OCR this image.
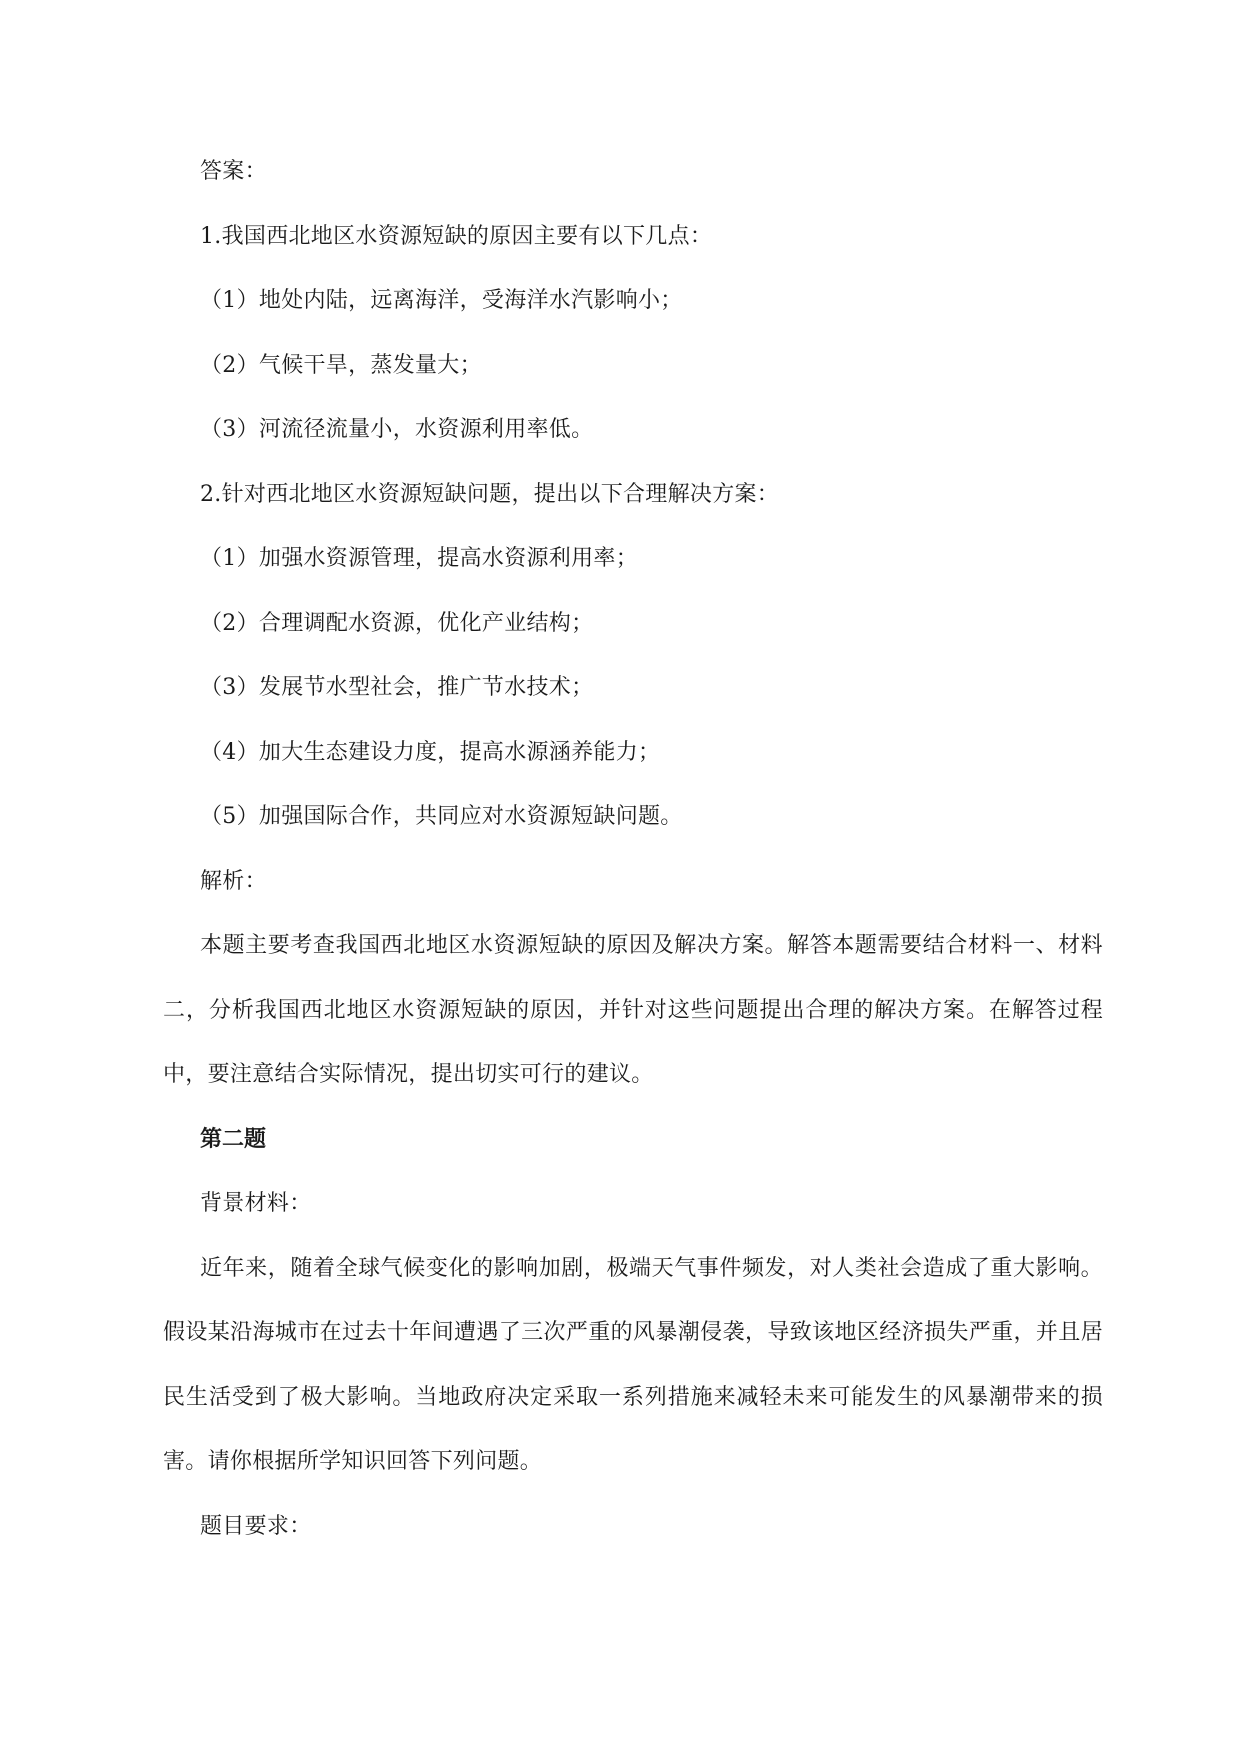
答案：
1.我国西北地区水资源短缺的原因主要有以下几点：
（1）地处内陆，远离海洋，受海洋水汽影响小；
（2）气候干旱，蒸发量大；
（3）河流径流量小，水资源利用率低。
2.针对西北地区水资源短缺问题，提出以下合理解决方案：
（1）加强水资源管理，提高水资源利用率；
（2）合理调配水资源，优化产业结构；
（3）发展节水型社会，推广节水技术；
（4）加大生态建设力度，提高水源涵养能力；
（5）加强国际合作，共同应对水资源短缺问题。
解析：
本题主要考查我国西北地区水资源短缺的原因及解决方案。解答本题需要结合材料一、材料二，分析我国西北地区水资源短缺的原因，并针对这些问题提出合理的解决方案。在解答过程中，要注意结合实际情况，提出切实可行的建议。
第二题
背景材料：
近年来，随着全球气候变化的影响加剧，极端天气事件频发，对人类社会造成了重大影响。假设某沿海城市在过去十年间遭遇了三次严重的风暴潮侵袭，导致该地区经济损失严重，并且居民生活受到了极大影响。当地政府决定采取一系列措施来减轻未来可能发生的风暴潮带来的损害。请你根据所学知识回答下列问题。
题目要求：
